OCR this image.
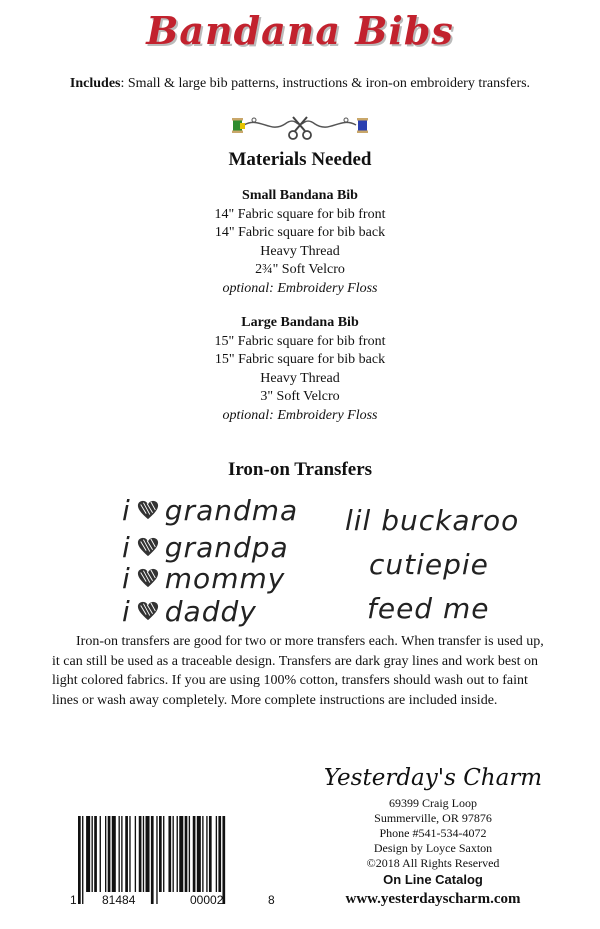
Bandana Bibs
Includes: Small & large bib patterns, instructions & iron-on embroidery transfers.
Materials Needed
Small Bandana Bib
14" Fabric square for bib front
14" Fabric square for bib back
Heavy Thread
2¾" Soft Velcro
optional: Embroidery Floss
Large Bandana Bib
15" Fabric square for bib front
15" Fabric square for bib back
Heavy Thread
3" Soft Velcro
optional: Embroidery Floss
Iron-on Transfers
i grandma
i grandpa
i mommy
i daddy
lil buckaroo
cutiepie
feed me
Iron-on transfers are good for two or more transfers each. When transfer is used up, it can still be used as a traceable design. Transfers are dark gray lines and work best on light colored fabrics. If you are using 100% cotton, transfers should wash out to faint lines or wash away completely. More complete instructions are included inside.
Yesterday's Charm
69399 Craig Loop
Summerville, OR 97876
Phone #541-534-4072
Design by Loyce Saxton
©2018 All Rights Reserved
On Line Catalog
www.yesterdayscharm.com
1 81484	00002	8
